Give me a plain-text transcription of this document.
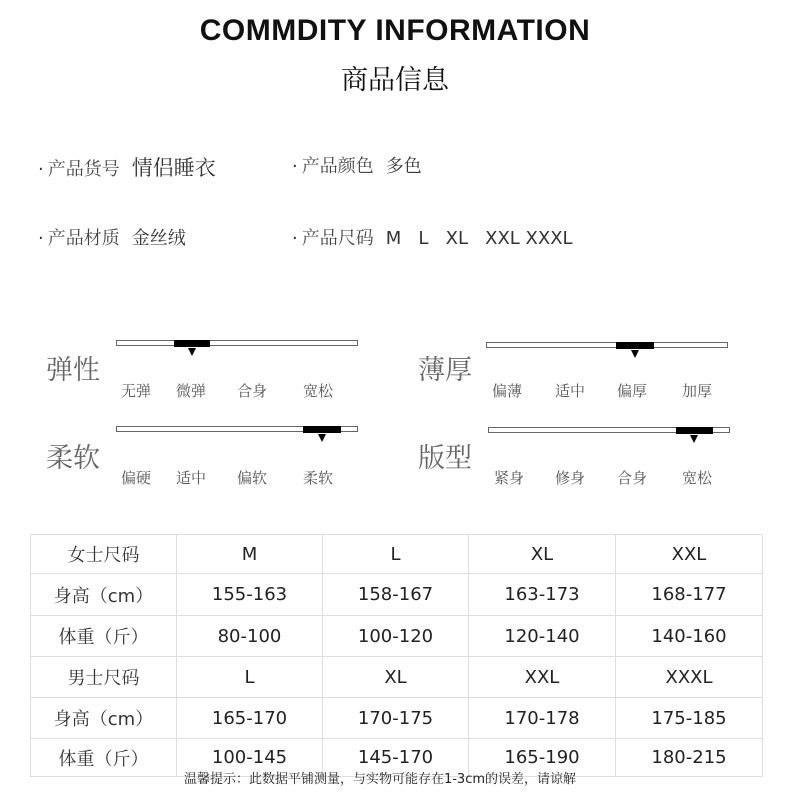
COMMDITY INFORMATION
商品信息
· 产品货号 情侣睡衣	· 产品颜色 多色
· 产品材质 金丝绒	· 产品尺码 M   L   XL   XXL XXXL
弹性
无弹 微弹 合身 宽松
薄厚
偏薄 适中 偏厚 加厚
柔软
偏硬 适中 偏软 柔软
版型
紧身 修身 合身 宽松
女士尺码	M	L	XL	XXL
身高（cm）	155-163	158-167	163-173	168-177
体重（斤）	80-100	100-120	120-140	140-160
男士尺码	L	XL	XXL	XXXL
身高（cm）	165-170	170-175	170-178	175-185
体重（斤）	100-145	145-170	165-190	180-215
温馨提示：此数据平铺测量，与实物可能存在1-3cm的误差，请谅解
